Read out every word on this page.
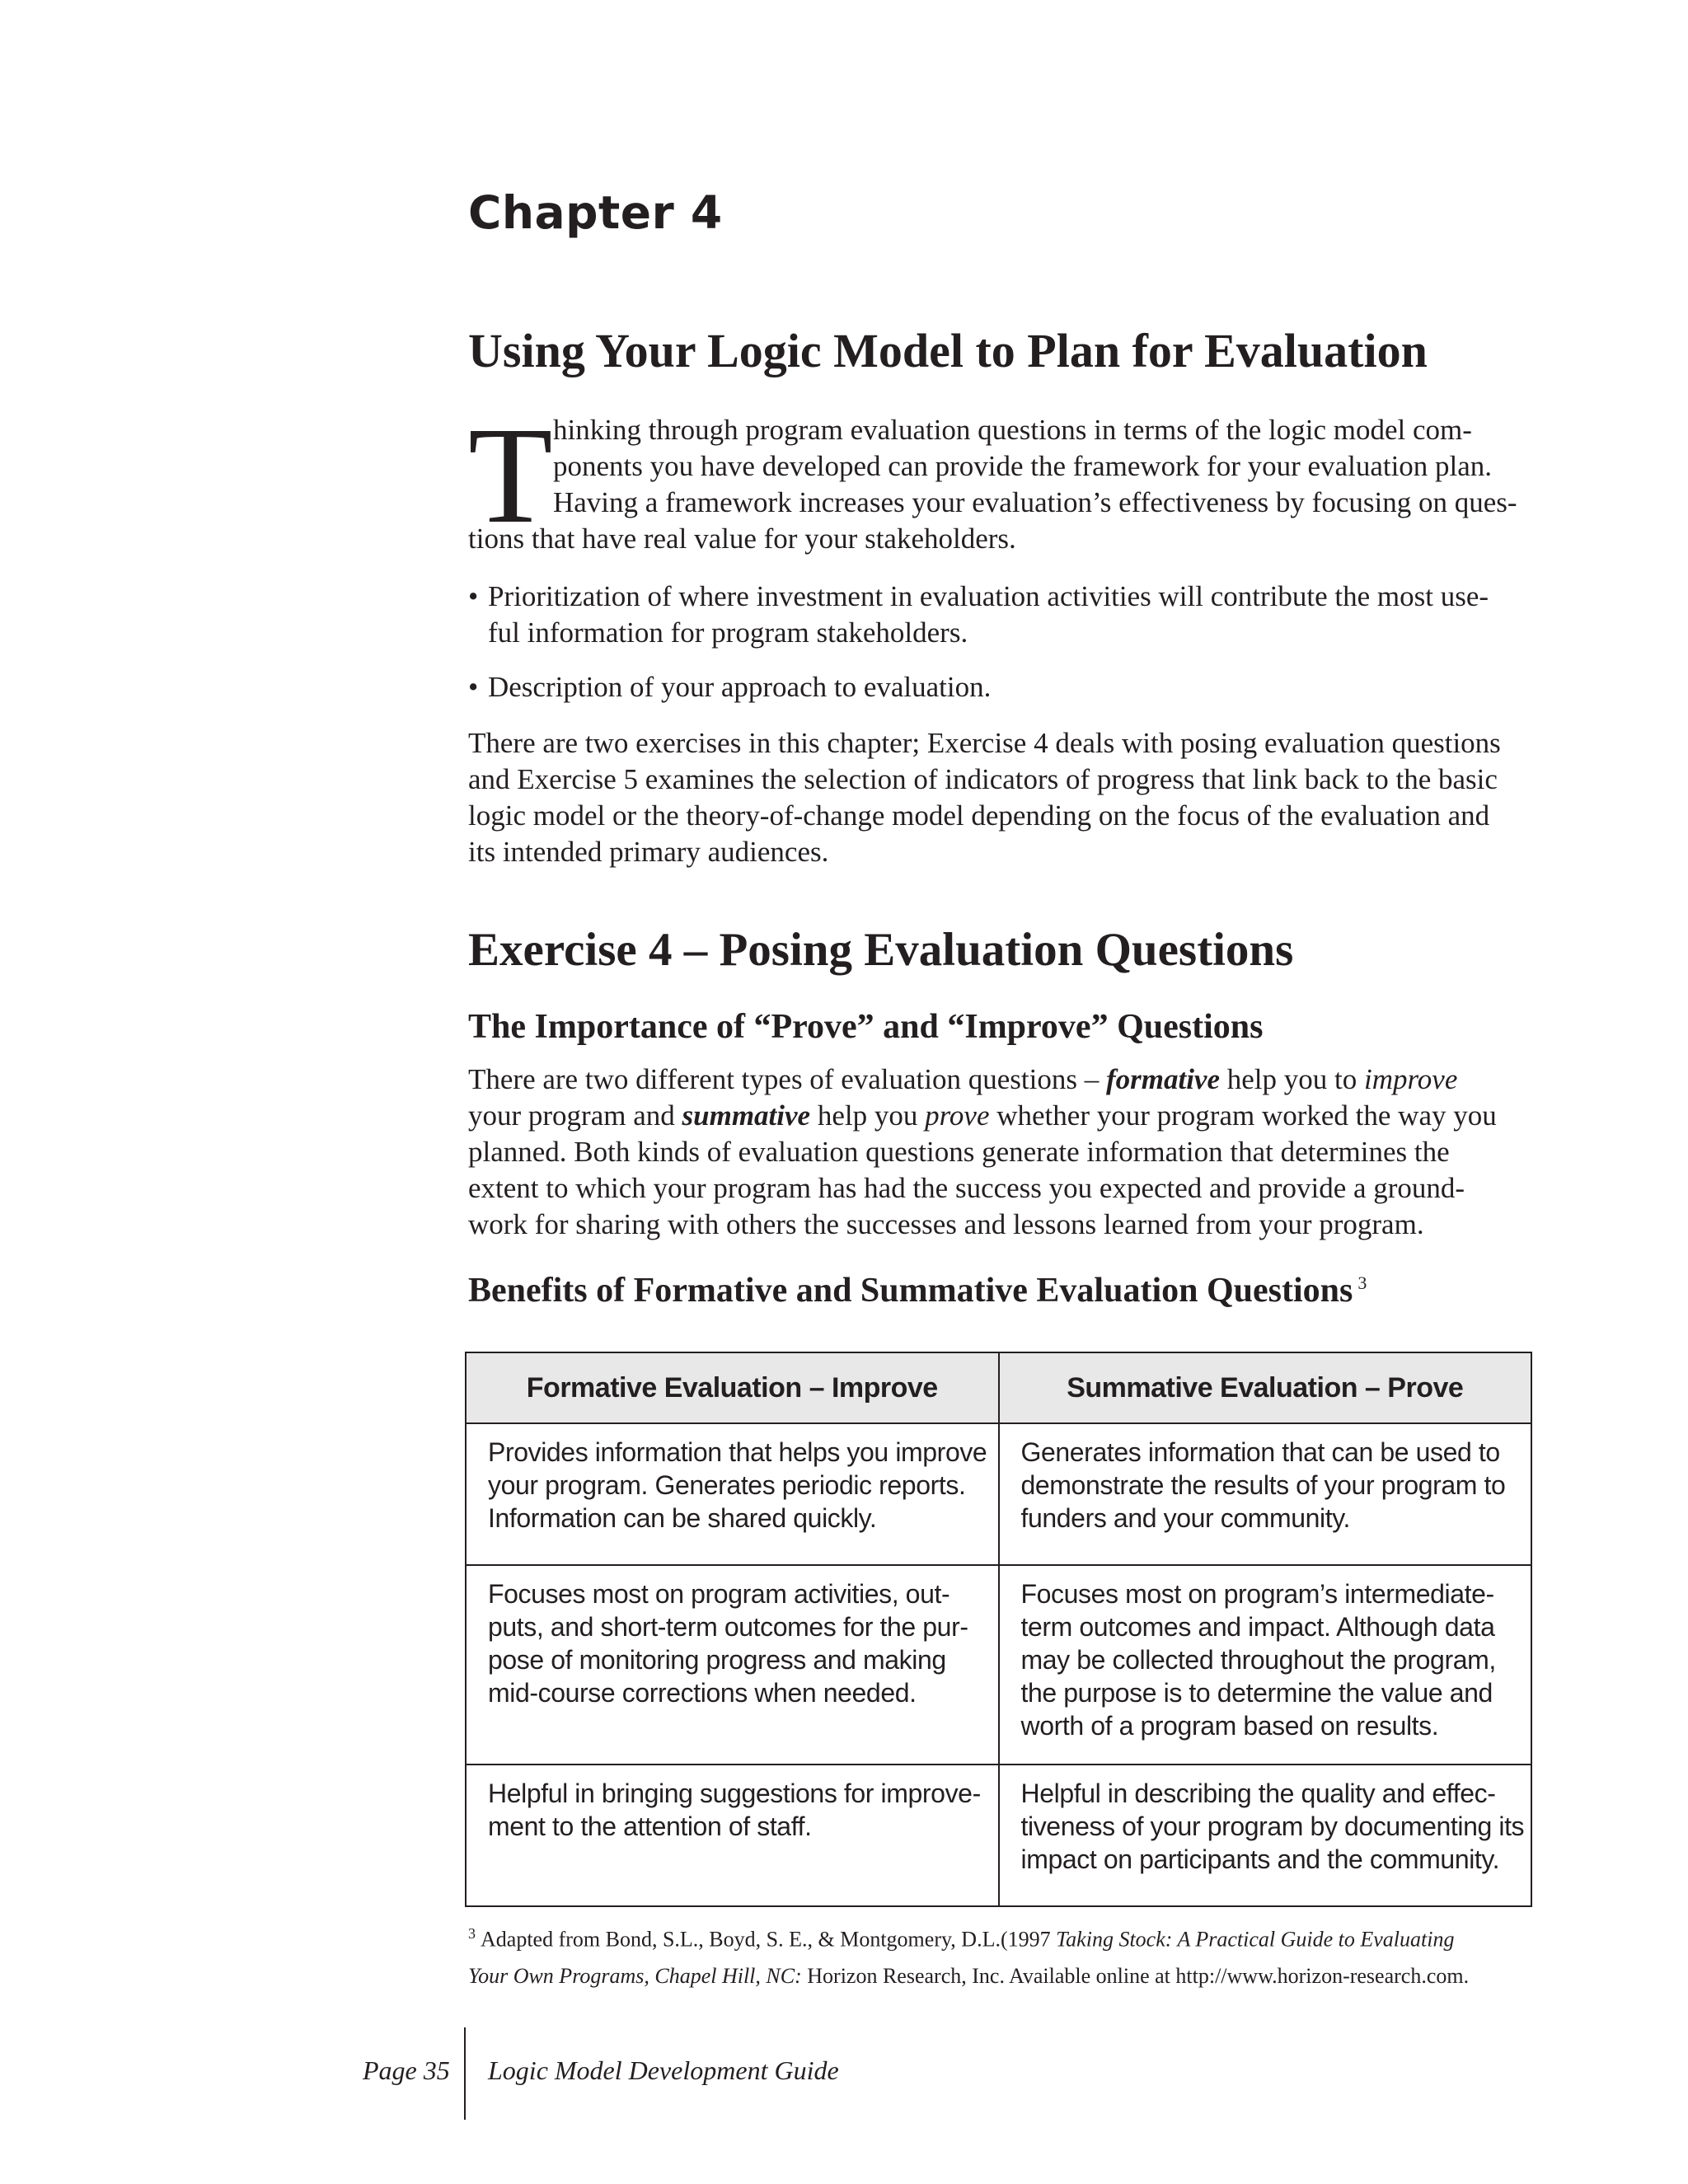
Chapter 4
Using Your Logic Model to Plan for Evaluation
T hinking through program evaluation questions in terms of the logic model com-
ponents you have developed can provide the framework for your evaluation plan.
Having a framework increases your evaluation’s effectiveness by focusing on ques-
tions that have real value for your stakeholders.
• Prioritization of where investment in evaluation activities will contribute the most use-
ful information for program stakeholders.
• Description of your approach to evaluation.
There are two exercises in this chapter; Exercise 4 deals with posing evaluation questions
and Exercise 5 examines the selection of indicators of progress that link back to the basic
logic model or the theory-of-change model depending on the focus of the evaluation and
its intended primary audiences.
Exercise 4 – Posing Evaluation Questions
The Importance of “Prove” and “Improve” Questions
There are two different types of evaluation questions – formative help you to improve
your program and summative help you prove whether your program worked the way you
planned. Both kinds of evaluation questions generate information that determines the
extent to which your program has had the success you expected and provide a ground-
work for sharing with others the successes and lessons learned from your program.
Benefits of Formative and Summative Evaluation Questions $^3$
Formative Evaluation – Improve	Summative Evaluation – Prove

Provides information that helps you improve
your program. Generates periodic reports.
Information can be shared quickly.	Generates information that can be used to
demonstrate the results of your program to
funders and your community.

Focuses most on program activities, out-
puts, and short-term outcomes for the pur-
pose of monitoring progress and making
mid-course corrections when needed.	Focuses most on program’s intermediate-
term outcomes and impact. Although data
may be collected throughout the program,
the purpose is to determine the value and
worth of a program based on results.

Helpful in bringing suggestions for improve-
ment to the attention of staff.	Helpful in describing the quality and effec-
tiveness of your program by documenting its
impact on participants and the community.
$^3$ Adapted from Bond, S.L., Boyd, S. E., & Montgomery, D.L.(1997 Taking Stock: A Practical Guide to Evaluating
Your Own Programs, Chapel Hill, NC: Horizon Research, Inc. Available online at http://www.horizon-research.com.
Page 35 Logic Model Development Guide
